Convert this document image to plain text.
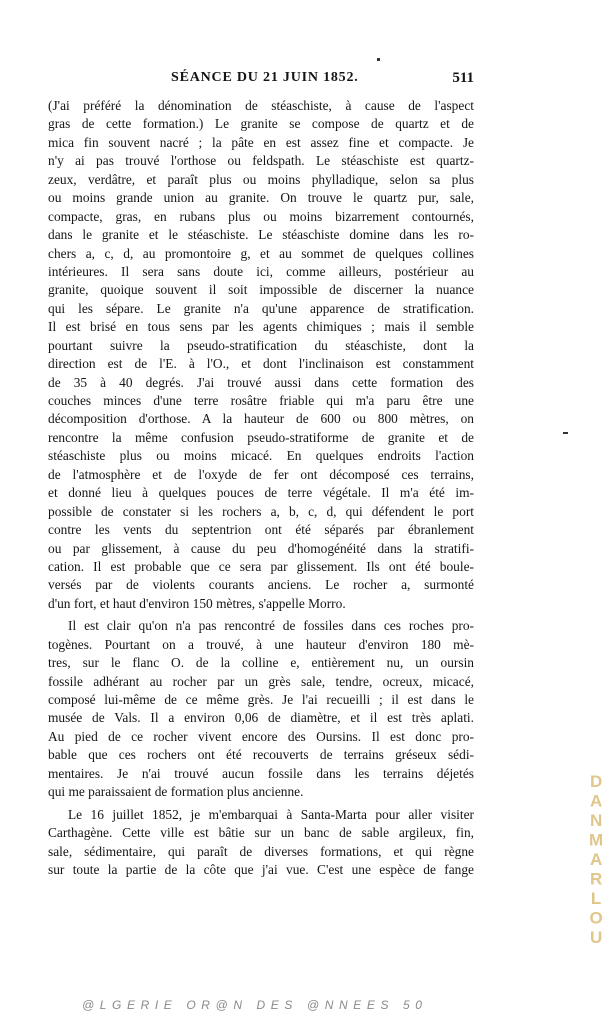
SÉANCE DU 21 JUIN 1852.	511
(J'ai préféré la dénomination de stéaschiste, à cause de l'aspect
gras de cette formation.) Le granite se compose de quartz et de
mica fin souvent nacré ; la pâte en est assez fine et compacte. Je
n'y ai pas trouvé l'orthose ou feldspath. Le stéaschiste est quartz-
zeux, verdâtre, et paraît plus ou moins phylladique, selon sa plus
ou moins grande union au granite. On trouve le quartz pur, sale,
compacte, gras, en rubans plus ou moins bizarrement contournés,
dans le granite et le stéaschiste. Le stéaschiste domine dans les ro-
chers a, c, d, au promontoire g, et au sommet de quelques collines
intérieures. Il sera sans doute ici, comme ailleurs, postérieur au
granite, quoique souvent il soit impossible de discerner la nuance
qui les sépare. Le granite n'a qu'une apparence de stratification.
Il est brisé en tous sens par les agents chimiques ; mais il semble
pourtant suivre la pseudo-stratification du stéaschiste, dont la
direction est de l'E. à l'O., et dont l'inclinaison est constamment
de 35 à 40 degrés. J'ai trouvé aussi dans cette formation des
couches minces d'une terre rosâtre friable qui m'a paru être une
décomposition d'orthose. A la hauteur de 600 ou 800 mètres, on
rencontre la même confusion pseudo-stratiforme de granite et de
stéaschiste plus ou moins micacé. En quelques endroits l'action
de l'atmosphère et de l'oxyde de fer ont décomposé ces terrains,
et donné lieu à quelques pouces de terre végétale. Il m'a été im-
possible de constater si les rochers a, b, c, d, qui défendent le port
contre les vents du septentrion ont été séparés par ébranlement
ou par glissement, à cause du peu d'homogénéité dans la stratifi-
cation. Il est probable que ce sera par glissement. Ils ont été boule-
versés par de violents courants anciens. Le rocher a, surmonté
d'un fort, et haut d'environ 150 mètres, s'appelle Morro.
Il est clair qu'on n'a pas rencontré de fossiles dans ces roches pro-
togènes. Pourtant on a trouvé, à une hauteur d'environ 180 mè-
tres, sur le flanc O. de la colline e, entièrement nu, un oursin
fossile adhérant au rocher par un grès sale, tendre, ocreux, micacé,
composé lui-même de ce même grès. Je l'ai recueilli ; il est dans le
musée de Vals. Il a environ 0,06 de diamètre, et il est très aplati.
Au pied de ce rocher vivent encore des Oursins. Il est donc pro-
bable que ces rochers ont été recouverts de terrains gréseux sédi-
mentaires. Je n'ai trouvé aucun fossile dans les terrains déjetés
qui me paraissaient de formation plus ancienne.
Le 16 juillet 1852, je m'embarquai à Santa-Marta pour aller visiter
Carthagène. Cette ville est bâtie sur un banc de sable argileux, fin,
sale, sédimentaire, qui paraît de diverses formations, et qui règne
sur toute la partie de la côte que j'ai vue. C'est une espèce de fange	DANMARLOU
@LGERIE OR@N DES @NNEES 50
